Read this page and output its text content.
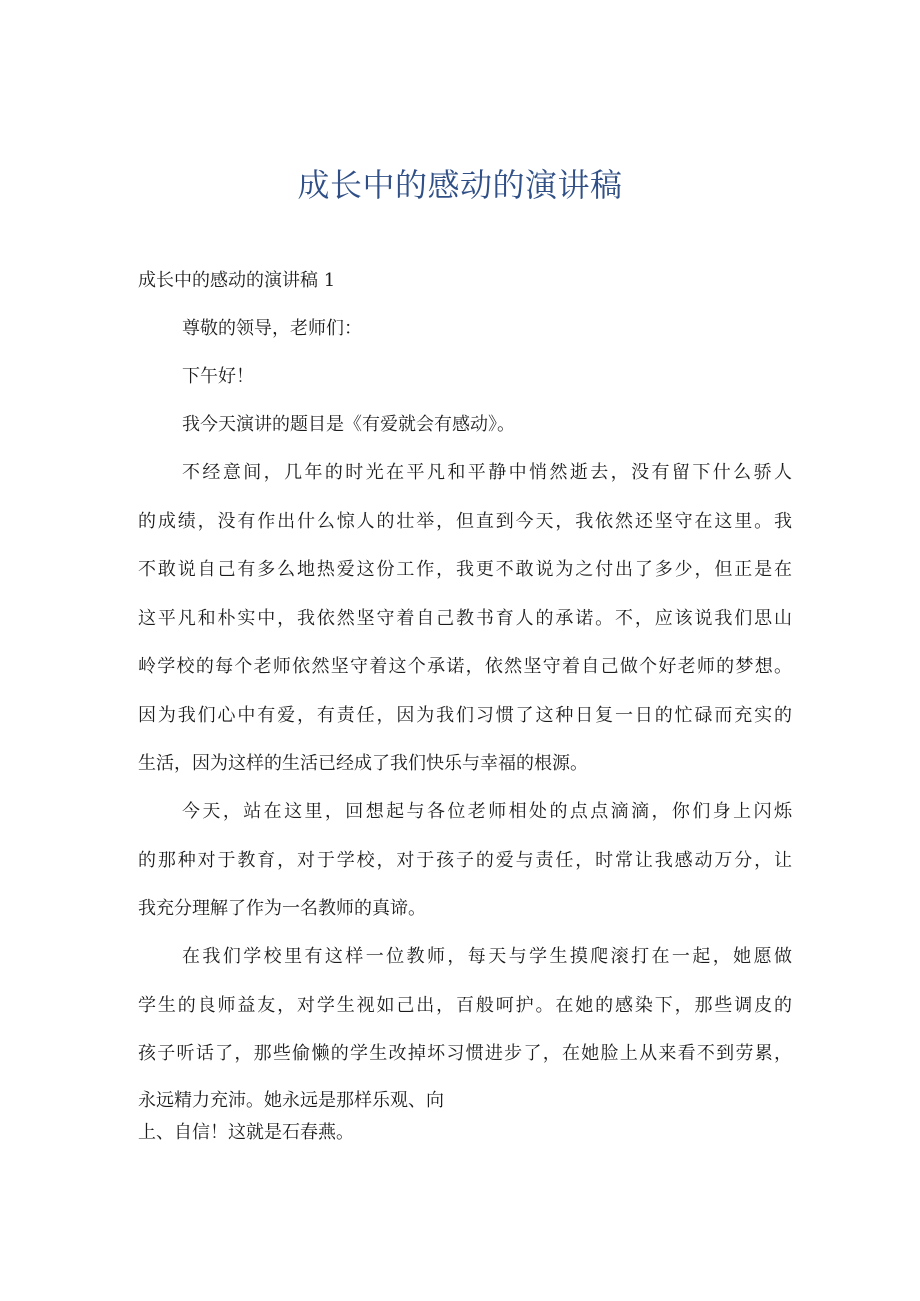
成长中的感动的演讲稿
成长中的感动的演讲稿 1
尊敬的领导，老师们：
下午好！
我今天演讲的题目是《有爱就会有感动》。
不经意间，几年的时光在平凡和平静中悄然逝去，没有留下什么骄人
的成绩，没有作出什么惊人的壮举，但直到今天，我依然还坚守在这里。我
不敢说自己有多么地热爱这份工作，我更不敢说为之付出了多少，但正是在
这平凡和朴实中，我依然坚守着自己教书育人的承诺。不，应该说我们思山
岭学校的每个老师依然坚守着这个承诺，依然坚守着自己做个好老师的梦想。
因为我们心中有爱，有责任，因为我们习惯了这种日复一日的忙碌而充实的
生活，因为这样的生活已经成了我们快乐与幸福的根源。
今天，站在这里，回想起与各位老师相处的点点滴滴，你们身上闪烁
的那种对于教育，对于学校，对于孩子的爱与责任，时常让我感动万分，让
我充分理解了作为一名教师的真谛。
在我们学校里有这样一位教师，每天与学生摸爬滚打在一起，她愿做
学生的良师益友，对学生视如己出，百般呵护。在她的感染下，那些调皮的
孩子听话了，那些偷懒的学生改掉坏习惯进步了，在她脸上从来看不到劳累，
永远精力充沛。她永远是那样乐观、向
上、自信！这就是石春燕。
